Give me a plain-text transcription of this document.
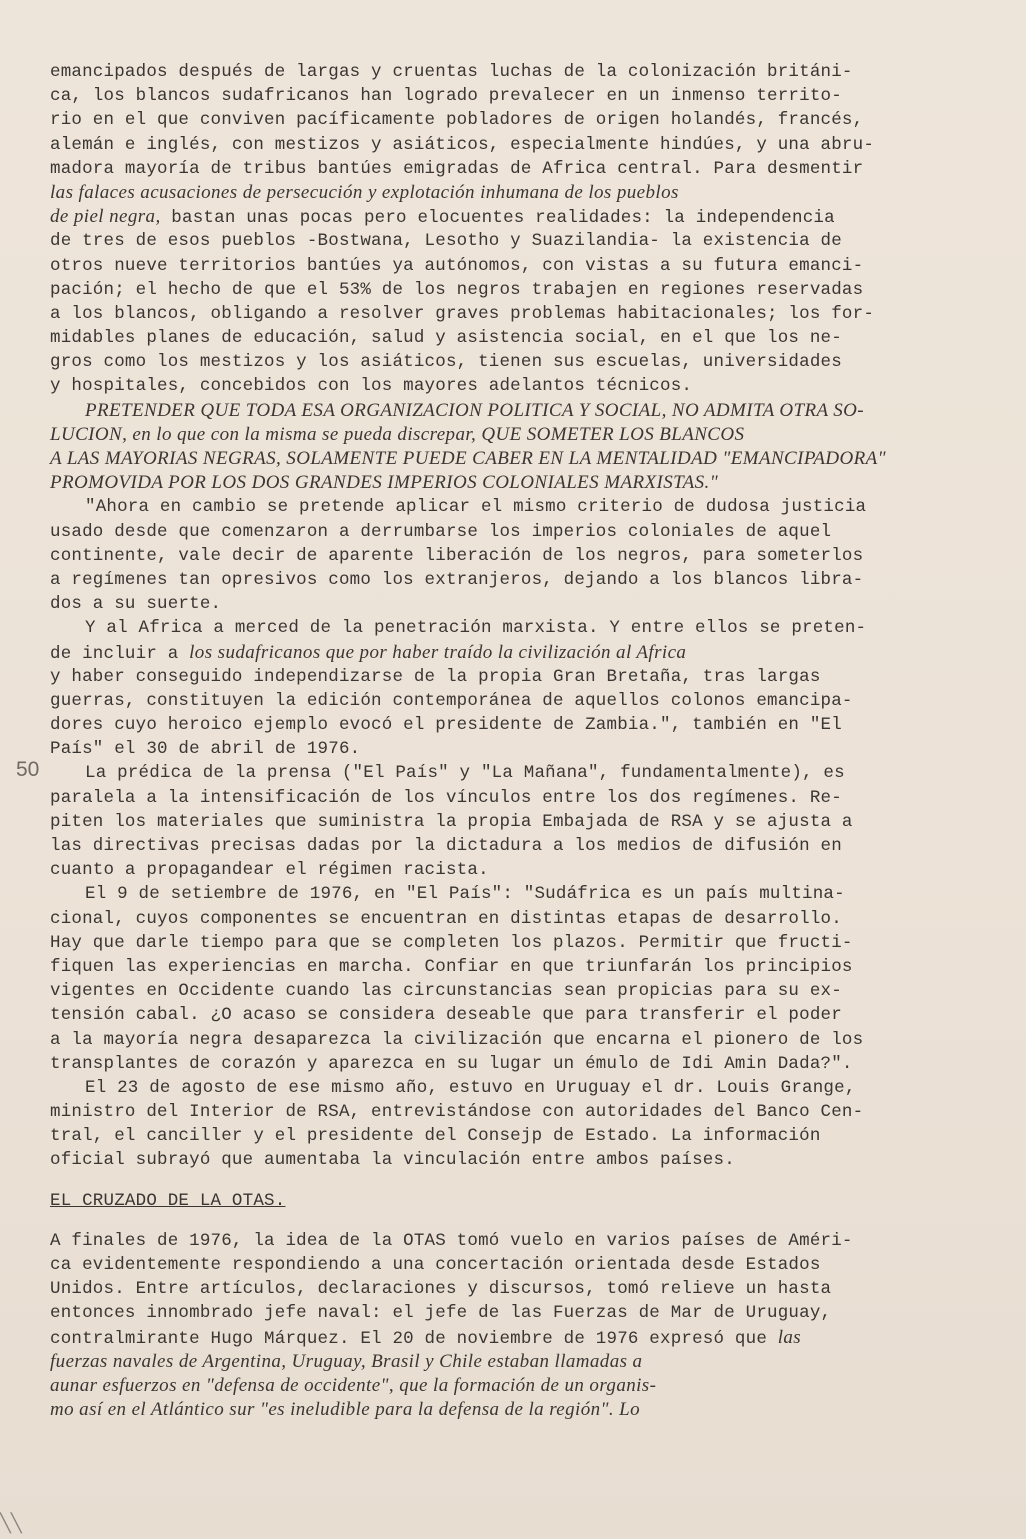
50
emancipados después de largas y cruentas luchas de la colonización británi-
ca, los blancos sudafricanos han logrado prevalecer en un inmenso territo-
rio en el que conviven pacíficamente pobladores de origen holandés, francés,
alemán e inglés, con mestizos y asiáticos, especialmente hindúes, y una abru-
madora mayoría de tribus bantúes emigradas de Africa central. Para desmentir
las falaces acusaciones de persecución y explotación inhumana de los pueblos
de piel negra, bastan unas pocas pero elocuentes realidades: la independencia
de tres de esos pueblos -Bostwana, Lesotho y Suazilandia- la existencia de
otros nueve territorios bantúes ya autónomos, con vistas a su futura emanci-
pación; el hecho de que el 53% de los negros trabajen en regiones reservadas
a los blancos, obligando a resolver graves problemas habitacionales; los for-
midables planes de educación, salud y asistencia social, en el que los ne-
gros como los mestizos y los asiáticos, tienen sus escuelas, universidades
y hospitales, concebidos con los mayores adelantos técnicos.
PRETENDER QUE TODA ESA ORGANIZACION POLITICA Y SOCIAL, NO ADMITA OTRA SO-
LUCION, en lo que con la misma se pueda discrepar, QUE SOMETER LOS BLANCOS
A LAS MAYORIAS NEGRAS, SOLAMENTE PUEDE CABER EN LA MENTALIDAD "EMANCIPADORA"
PROMOVIDA POR LOS DOS GRANDES IMPERIOS COLONIALES MARXISTAS."
"Ahora en cambio se pretende aplicar el mismo criterio de dudosa justicia
usado desde que comenzaron a derrumbarse los imperios coloniales de aquel
continente, vale decir de aparente liberación de los negros, para someterlos
a regímenes tan opresivos como los extranjeros, dejando a los blancos libra-
dos a su suerte.
Y al Africa a merced de la penetración marxista. Y entre ellos se preten-
de incluir a los sudafricanos que por haber traído la civilización al Africa
y haber conseguido independizarse de la propia Gran Bretaña, tras largas
guerras, constituyen la edición contemporánea de aquellos colonos emancipa-
dores cuyo heroico ejemplo evocó el presidente de Zambia.", también en "El
País" el 30 de abril de 1976.
La prédica de la prensa ("El País" y "La Mañana", fundamentalmente), es
paralela a la intensificación de los vínculos entre los dos regímenes. Re-
piten los materiales que suministra la propia Embajada de RSA y se ajusta a
las directivas precisas dadas por la dictadura a los medios de difusión en
cuanto a propagandear el régimen racista.
El 9 de setiembre de 1976, en "El País": "Sudáfrica es un país multina-
cional, cuyos componentes se encuentran en distintas etapas de desarrollo.
Hay que darle tiempo para que se completen los plazos. Permitir que fructi-
fiquen las experiencias en marcha. Confiar en que triunfarán los principios
vigentes en Occidente cuando las circunstancias sean propicias para su ex-
tensión cabal. ¿O acaso se considera deseable que para transferir el poder
a la mayoría negra desaparezca la civilización que encarna el pionero de los
transplantes de corazón y aparezca en su lugar un émulo de Idi Amin Dada?".
El 23 de agosto de ese mismo año, estuvo en Uruguay el dr. Louis Grange,
ministro del Interior de RSA, entrevistándose con autoridades del Banco Cen-
tral, el canciller y el presidente del Consejp de Estado. La información
oficial subrayó que aumentaba la vinculación entre ambos países.
EL CRUZADO DE LA OTAS.
A finales de 1976, la idea de la OTAS tomó vuelo en varios países de Améri-
ca evidentemente respondiendo a una concertación orientada desde Estados
Unidos. Entre artículos, declaraciones y discursos, tomó relieve un hasta
entonces innombrado jefe naval: el jefe de las Fuerzas de Mar de Uruguay,
contralmirante Hugo Márquez. El 20 de noviembre de 1976 expresó que las
fuerzas navales de Argentina, Uruguay, Brasil y Chile estaban llamadas a
aunar esfuerzos en "defensa de occidente", que la formación de un organis-
mo así en el Atlántico sur "es ineludible para la defensa de la región". Lo
╲╲
